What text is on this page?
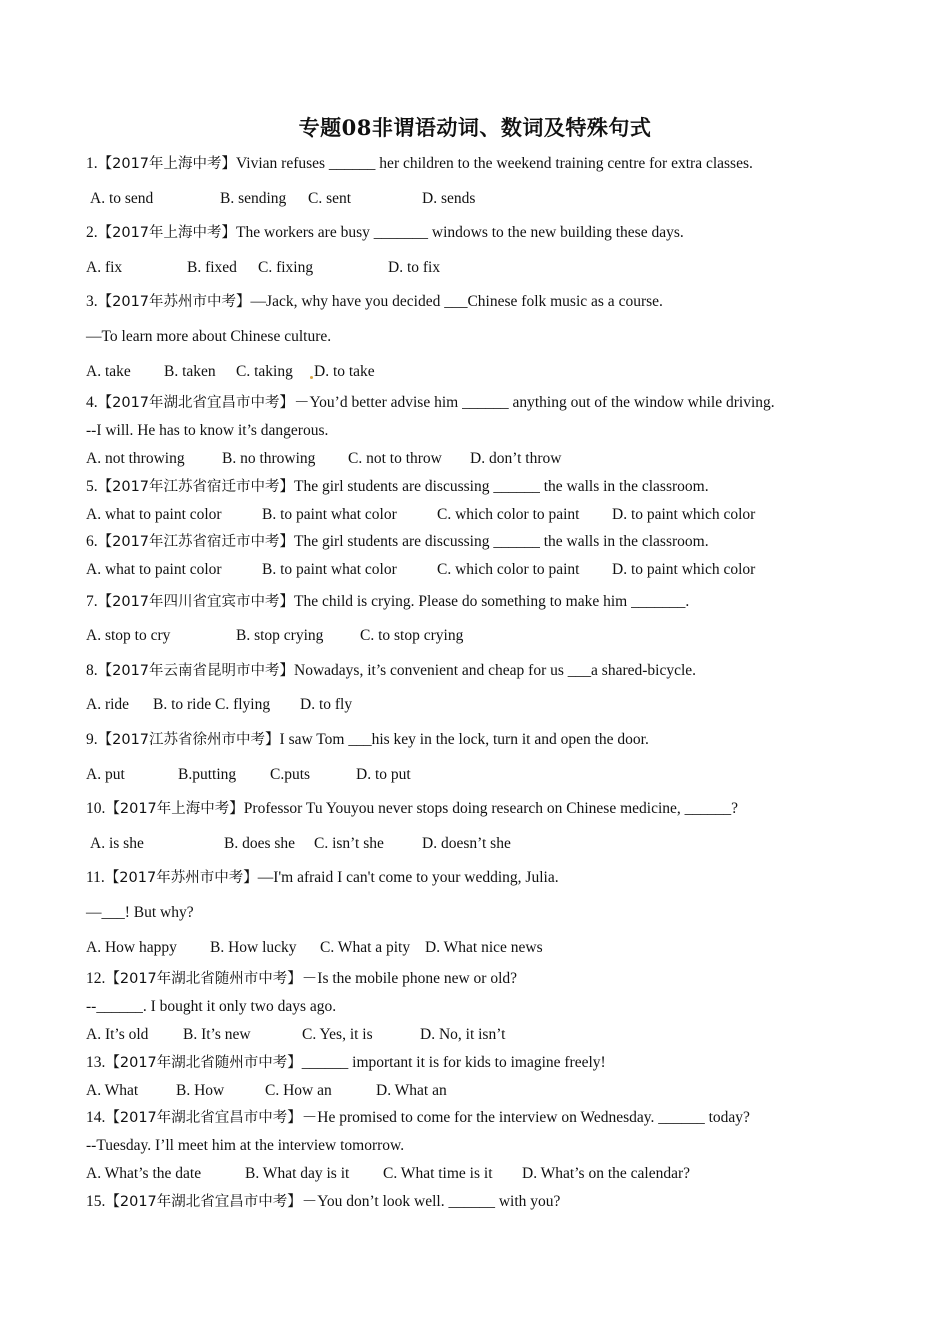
专题08非谓语动词、数词及特殊句式
1.【2017年上海中考】Vivian refuses ______ her children to the weekend training centre for extra classes.
A. to send	B. sending C. sent	D. sends
2.【2017年上海中考】The workers are busy _______ windows to the new building these days.
A. fix	B. fixed C. fixing	D. to fix
3.【2017年苏州市中考】—Jack, why have you decided ___Chinese folk music as a course.
—To learn more about Chinese culture.
A. take B. taken C. taking D. to take
4.【2017年湖北省宜昌市中考】－You’d better advise him ______ anything out of the window while driving.
--I will. He has to know it’s dangerous.
A. not throwing B. no throwing C. not to throw D. don’t throw
5.【2017年江苏省宿迁市中考】The girl students are discussing ______ the walls in the classroom.
A. what to paint color	B. to paint what color	C. which color to paint D. to paint which color
6.【2017年江苏省宿迁市中考】The girl students are discussing ______ the walls in the classroom.
A. what to paint color	B. to paint what color	C. which color to paint D. to paint which color
7.【2017年四川省宜宾市中考】The child is crying. Please do something to make him _______.
A. stop to cry	B. stop crying C. to stop crying
8.【2017年云南省昆明市中考】Nowadays, it’s convenient and cheap for us ___a shared-bicycle.
A. ride B. to ride C. flying D. to fly
9.【2017江苏省徐州市中考】I saw Tom ___his key in the lock, turn it and open the door.
A. put	B.putting C.puts	D. to put
10.【2017年上海中考】Professor Tu Youyou never stops doing research on Chinese medicine, ______?
A. is she	B. does she C. isn’t she D. doesn’t she
11.【2017年苏州市中考】—I'm afraid I can't come to your wedding, Julia.
—___! But why?
A. How happy B. How lucky C. What a pity D. What nice news
12.【2017年湖北省随州市中考】－Is the mobile phone new or old?
--______. I bought it only two days ago.
A. It’s old B. It’s new	C. Yes, it is	D. No, it isn’t
13.【2017年湖北省随州市中考】______ important it is for kids to imagine freely!
A. What B. How	C. How an	D. What an
14.【2017年湖北省宜昌市中考】－He promised to come for the interview on Wednesday. ______ today?
--Tuesday. I’ll meet him at the interview tomorrow.
A. What’s the date	B. What day is it C. What time is it D. What’s on the calendar?
15.【2017年湖北省宜昌市中考】－You don’t look well. ______ with you?
